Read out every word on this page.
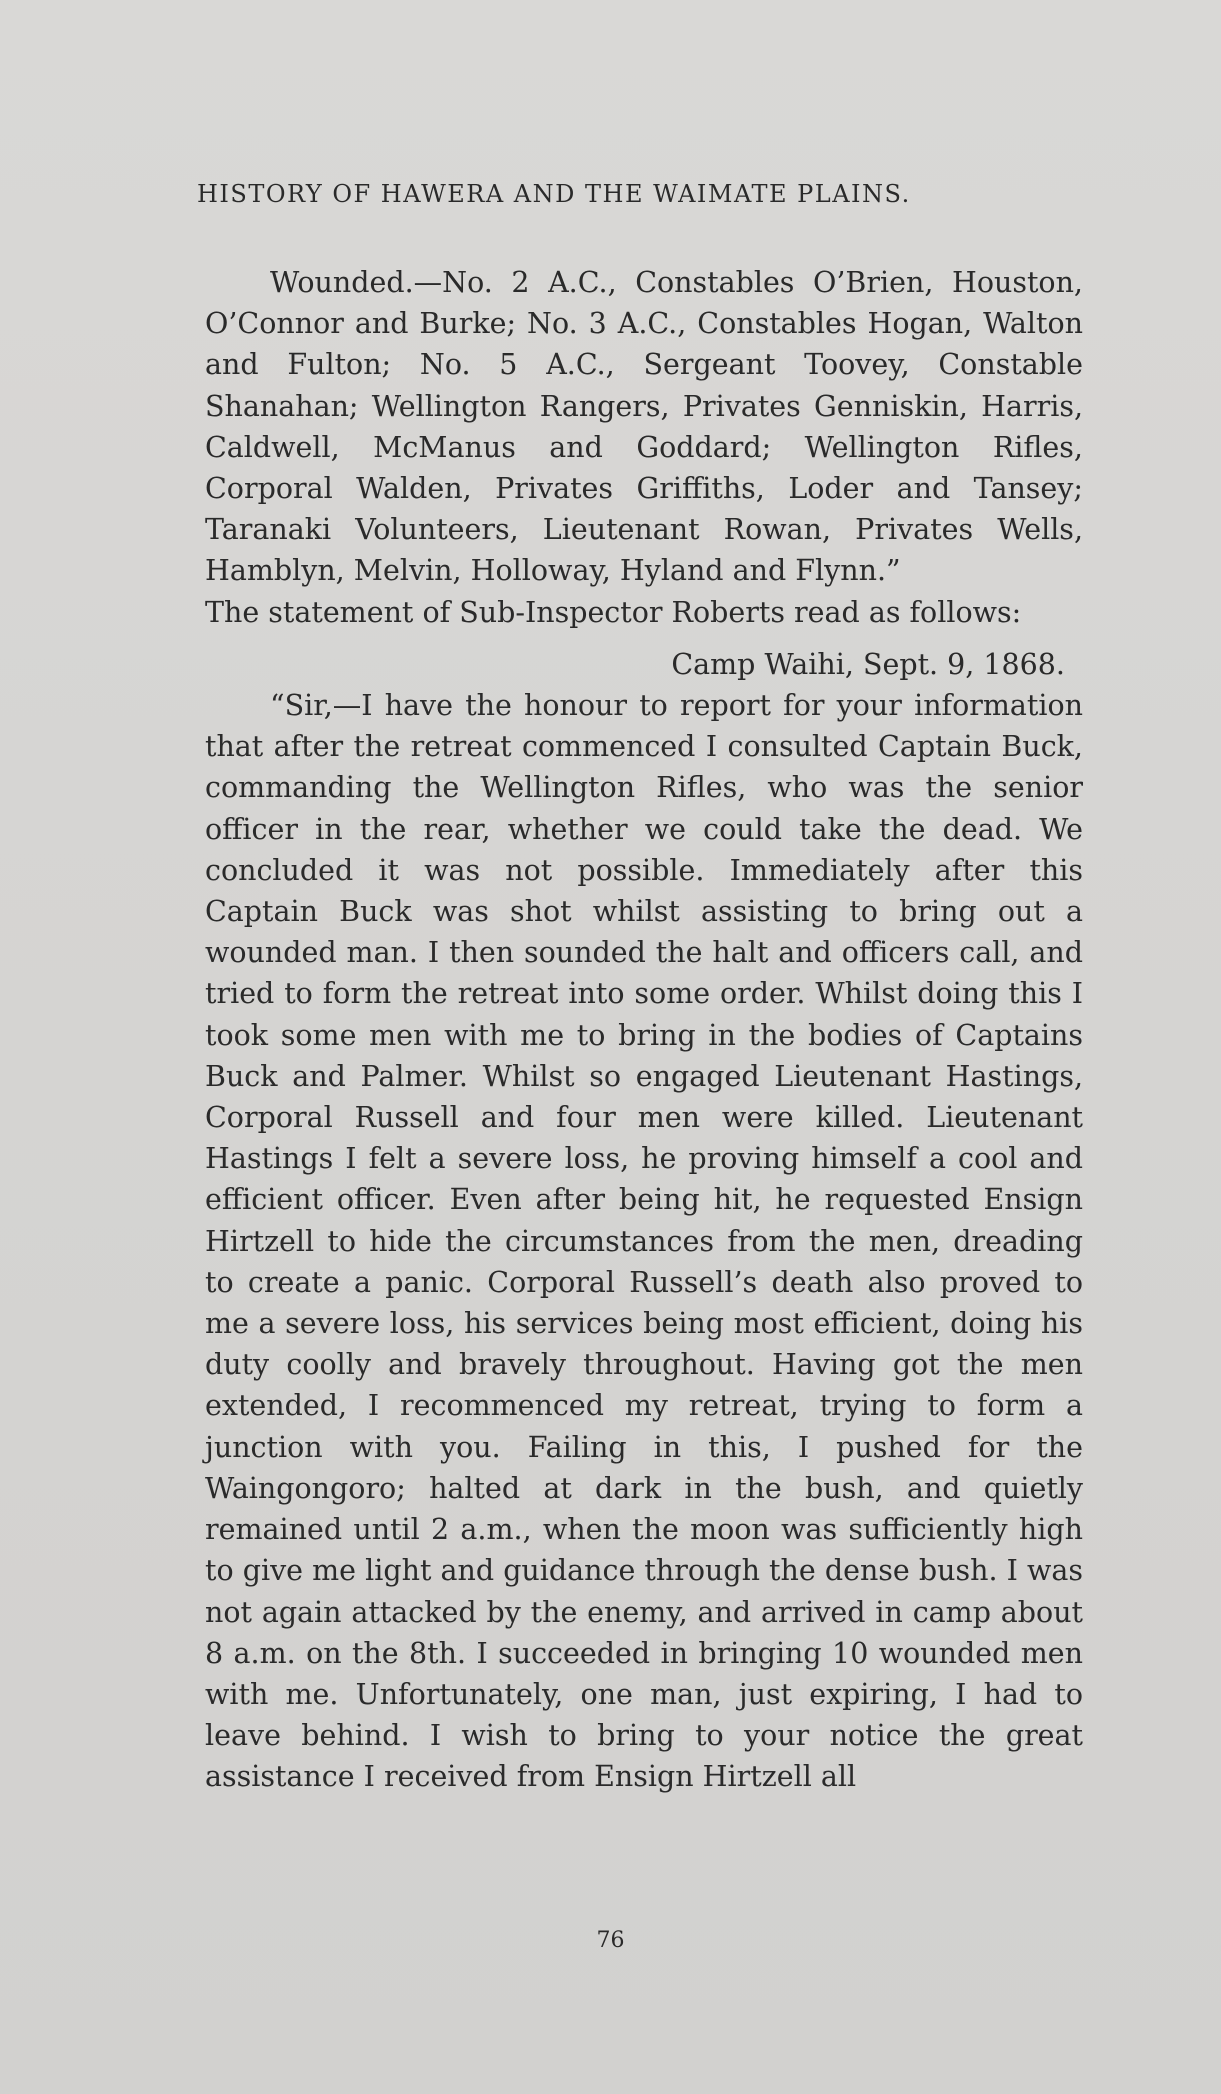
HISTORY OF HAWERA AND THE WAIMATE PLAINS.

Wounded.—No. 2 A.C., Constables O’Brien, Houston, O’Connor and Burke; No. 3 A.C., Constables Hogan, Walton and Fulton; No. 5 A.C., Sergeant Toovey, Constable Shanahan; Wellington Rangers, Privates Genniskin, Harris, Caldwell, McManus and Goddard; Wellington Rifles, Corporal Walden, Privates Griffiths, Loder and Tansey; Taranaki Volunteers, Lieutenant Rowan, Privates Wells, Hamblyn, Melvin, Holloway, Hyland and Flynn.”

The statement of Sub-Inspector Roberts read as follows:

Camp Waihi, Sept. 9, 1868.

“Sir,—I have the honour to report for your information that after the retreat commenced I consulted Captain Buck, commanding the Wellington Rifles, who was the senior officer in the rear, whether we could take the dead. We concluded it was not possible. Immediately after this Captain Buck was shot whilst assisting to bring out a wounded man. I then sounded the halt and officers call, and tried to form the retreat into some order. Whilst doing this I took some men with me to bring in the bodies of Captains Buck and Palmer. Whilst so engaged Lieutenant Hastings, Corporal Russell and four men were killed. Lieutenant Hastings I felt a severe loss, he proving himself a cool and efficient officer. Even after being hit, he requested Ensign Hirtzell to hide the circumstances from the men, dreading to create a panic. Corporal Russell’s death also proved to me a severe loss, his services being most efficient, doing his duty coolly and bravely throughout. Having got the men extended, I recommenced my retreat, trying to form a junction with you. Failing in this, I pushed for the Waingongoro; halted at dark in the bush, and quietly remained until 2 a.m., when the moon was sufficiently high to give me light and guidance through the dense bush. I was not again attacked by the enemy, and arrived in camp about 8 a.m. on the 8th. I succeeded in bringing 10 wounded men with me. Unfortunately, one man, just expiring, I had to leave behind. I wish to bring to your notice the great assistance I received from Ensign Hirtzell all

76
